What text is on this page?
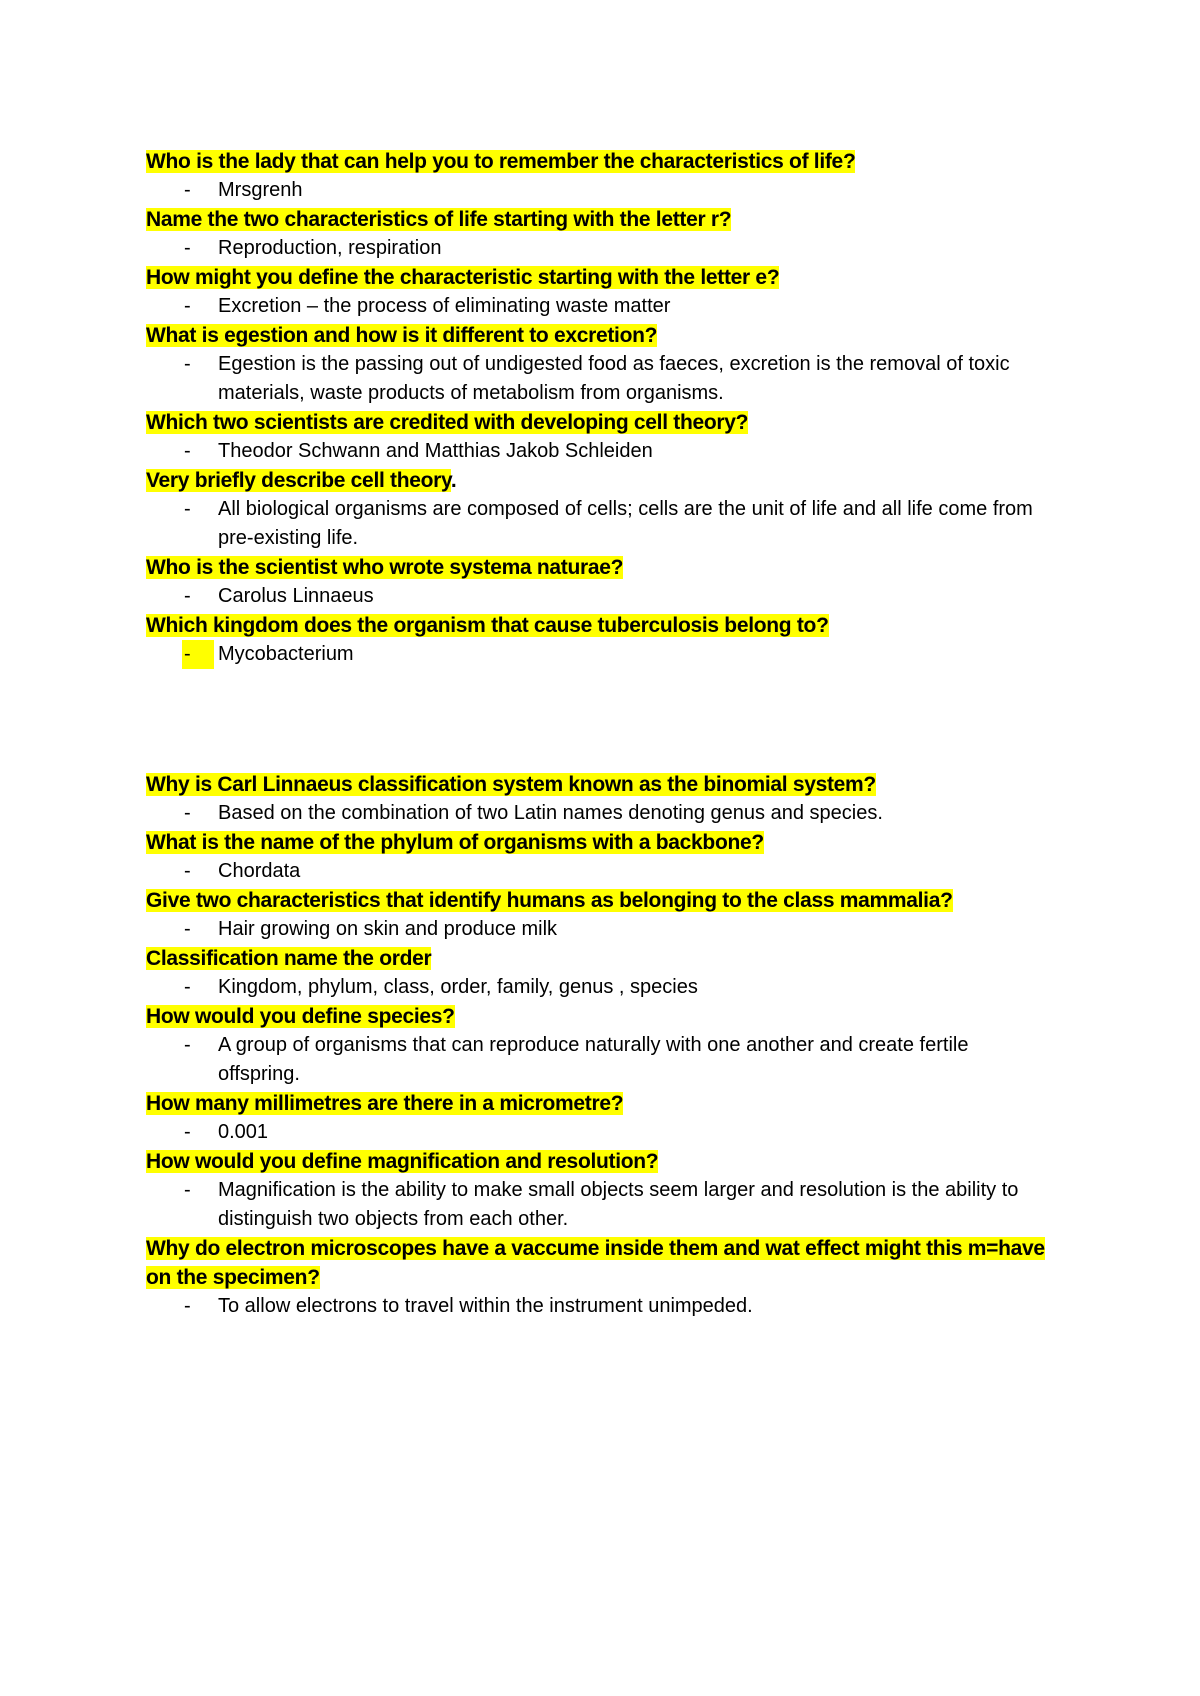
Who is the lady that can help you to remember the characteristics of life?

-	Mrsgrenh

Name the two characteristics of life starting with the letter r?

-	Reproduction, respiration

How might you define the characteristic starting with the letter e?

-	Excretion – the process of eliminating waste matter

What is egestion and how is it different to excretion?

-	Egestion is the passing out of undigested food as faeces, excretion is the removal of toxic materials, waste products of metabolism from organisms.

Which two scientists are credited with developing cell theory?

-	Theodor Schwann and Matthias Jakob Schleiden

Very briefly describe cell theory.

-	All biological organisms are composed of cells; cells are the unit of life and all life come from pre-existing life.

Who is the scientist who wrote systema naturae?

-	Carolus Linnaeus

Which kingdom does the organism that cause tuberculosis belong to?

-	Mycobacterium

Why is Carl Linnaeus classification system known as the binomial system?

-	Based on the combination of two Latin names denoting genus and species.

What is the name of the phylum of organisms with a backbone?

-	Chordata

Give two characteristics that identify humans as belonging to the class mammalia?

-	Hair growing on skin and produce milk

Classification name the order

-	Kingdom, phylum, class, order, family, genus , species

How would you define species?

-	A group of organisms that can reproduce naturally with one another and create fertile offspring.

How many millimetres are there in a micrometre?

-	0.001

How would you define magnification and resolution?

-	Magnification is the ability to make small objects seem larger and resolution is the ability to distinguish two objects from each other.

Why do electron microscopes have a vaccume inside them and wat effect might this m=have on the specimen?

-	To allow electrons to travel within the instrument unimpeded.
